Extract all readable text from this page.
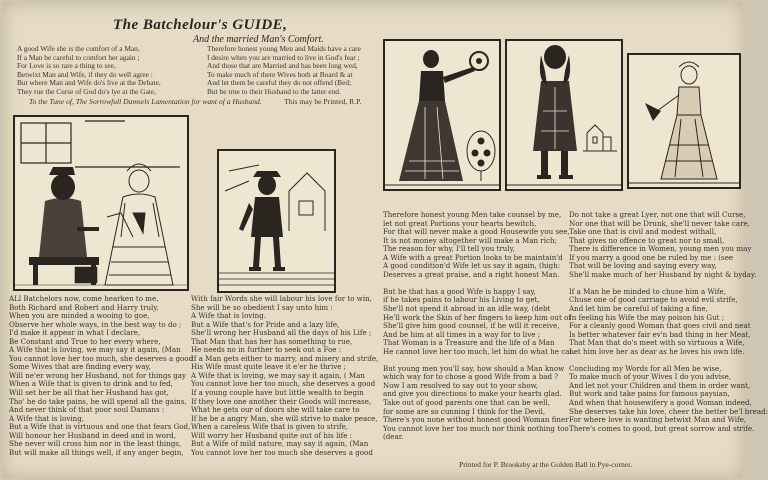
The Batchelour's GUIDE,
And the married Man's Comfort.
A good Wife she is the comfort of a Man,
If a Man be careful to comfort her again ;
For Love is so rare a thing to see,
Betwixt Man and Wife, if they do well agree :
But where Man and Wife do's live at the Debate,
They rue the Curse of God do's lye at the Gate,
Therefore honest young Men and Maids have a care
I desire when you are married to live in God's fear ;
And those that are Married and has been long wed,
To make much of there Wives both at Board & at
And let them be careful they do not offend (Bed;
But be true to their Husband to the latter end.
To the Tune of, The Sorrowfull Damsels Lamentation for want of a Husband.	This may be Printed, R.P.
ALl Batchelors now, come hearken to me,
Both Richard and Robert and Harry truly,
When you are minded a wooing to goe,
Observe her whole ways, in the best way to do ;
I'd make it appear in what I declare,
Be Constant and True to her every where,
A Wife that is loving, we may say it again, (Man
You cannot love her too much, she deserves a good
Some Wives that are finding every way,
Will ne'er wrong her Husband, not for things gay
When a Wife that is given to drink and to fed,
Will set her be all that her Husband has got,
Tho' he do take pains, he will spend all the gains,
And never think of that poor soul Damans :
A Wife that is loving,
But a Wife that is virtuous and one that fears God,
Will honour her Husband in deed and in word,
She never will cross him nor in the least things,
But will make all things well, if any anger begin,
With fair Words she will labour his love for to win,
She will be so obedient I say unto him :
A Wife that is loving.
But a Wife that's for Pride and a lazy life,
She'll wrong her Husband all the days of his Life ;
That Man that has her has something to rue,
He needs no in further to seek out a Foe :
If a Man gets either to marry, and misery and strife,
His Wife must quite leave it e'er he thrive ;
A Wife that is loving, we may say it again, ( Man
You cannot love her too much, she deserves a good
If a young couple have but little wealth to begin
If they love one another their Goods will increase,
What he gets our of doors she will take care to
If he be a angry Man, she will strive to make peace,
When a careless Wife that is given to strife,
Will worry her Husband quite out of his life :
But a Wife of mild nature, may say it again, (Man
You cannot love her too much she deserves a good
Therefore honest young Men take counsel by me,
let not great Portions your hearts bewitch,
For that will never make a good Housewife you see,
It is not money altogether will make a Man rich;
The reason for why, I'll tell you truly,
A Wife with a great Portion looks to be maintain'd
A good condition'd Wife let us say it again, (high:
Deserves a great praise, and a right honest Man.
But he that has a good Wife is happy I say,
if he takes pains to labour his Living to get,
She'll not spend it abroad in an idle way, (debt
He'll work the Skin of her fingers to keep him out of
She'll give him good counsel, if he will it receive,
And be him at all times in a way for to live ;
That Woman is a Treasure and the life of a Man
He cannot love her too much, let him do what he can.
But young men you'll say, how should a Man know
which way for to chose a good Wife from a bad ?
Now I am resolved to say out to your show,
and give you directions to make your hearts glad.
Take out of good parents one that can be well,
for some are so cunning I think for the Devil,
There's you none without honest good Woman finer
You cannot love her too much nor think nothing too
(dear.
Do not take a great Lyer, not one that will Curse,
Nor one that will be Drunk, she'll never take care,
Take one that is civil and modest withall,
That gives no offence to great nor to small,
There is difference in Women, young men you may
If you marry a good one be ruled by me : (see
That will be loving and saying every way,
She'll make much of her Husband by night & byday.
If a Man he be minded to chuse him a Wife,
Chuse one of good carriage to avoid evil strife,
And let him be careful of taking a fine,
In feeling his Wife the may poison his Gut ;
For a cleanly good Woman that goes civil and neat
Is better whatever fair ev'n bad thing in her Meat,
That Man that do's meet with so virtuous a Wife,
Let him love her as dear as he loves his own life.
Concluding my Words for all Men be wise,
To make much of your Wives I do you advise,
And let not your Children and them in order want,
But work and take pains for famous paysian,
And when that housewifery a good Woman indeed,
She deserves take his love, cheer the better be'l bread:
For where love is wanting betwixt Man and Wife,
There's comes to good, but great sorrow and strife.
Printed for P. Brooksby at the Golden Ball in Pye-corner.
